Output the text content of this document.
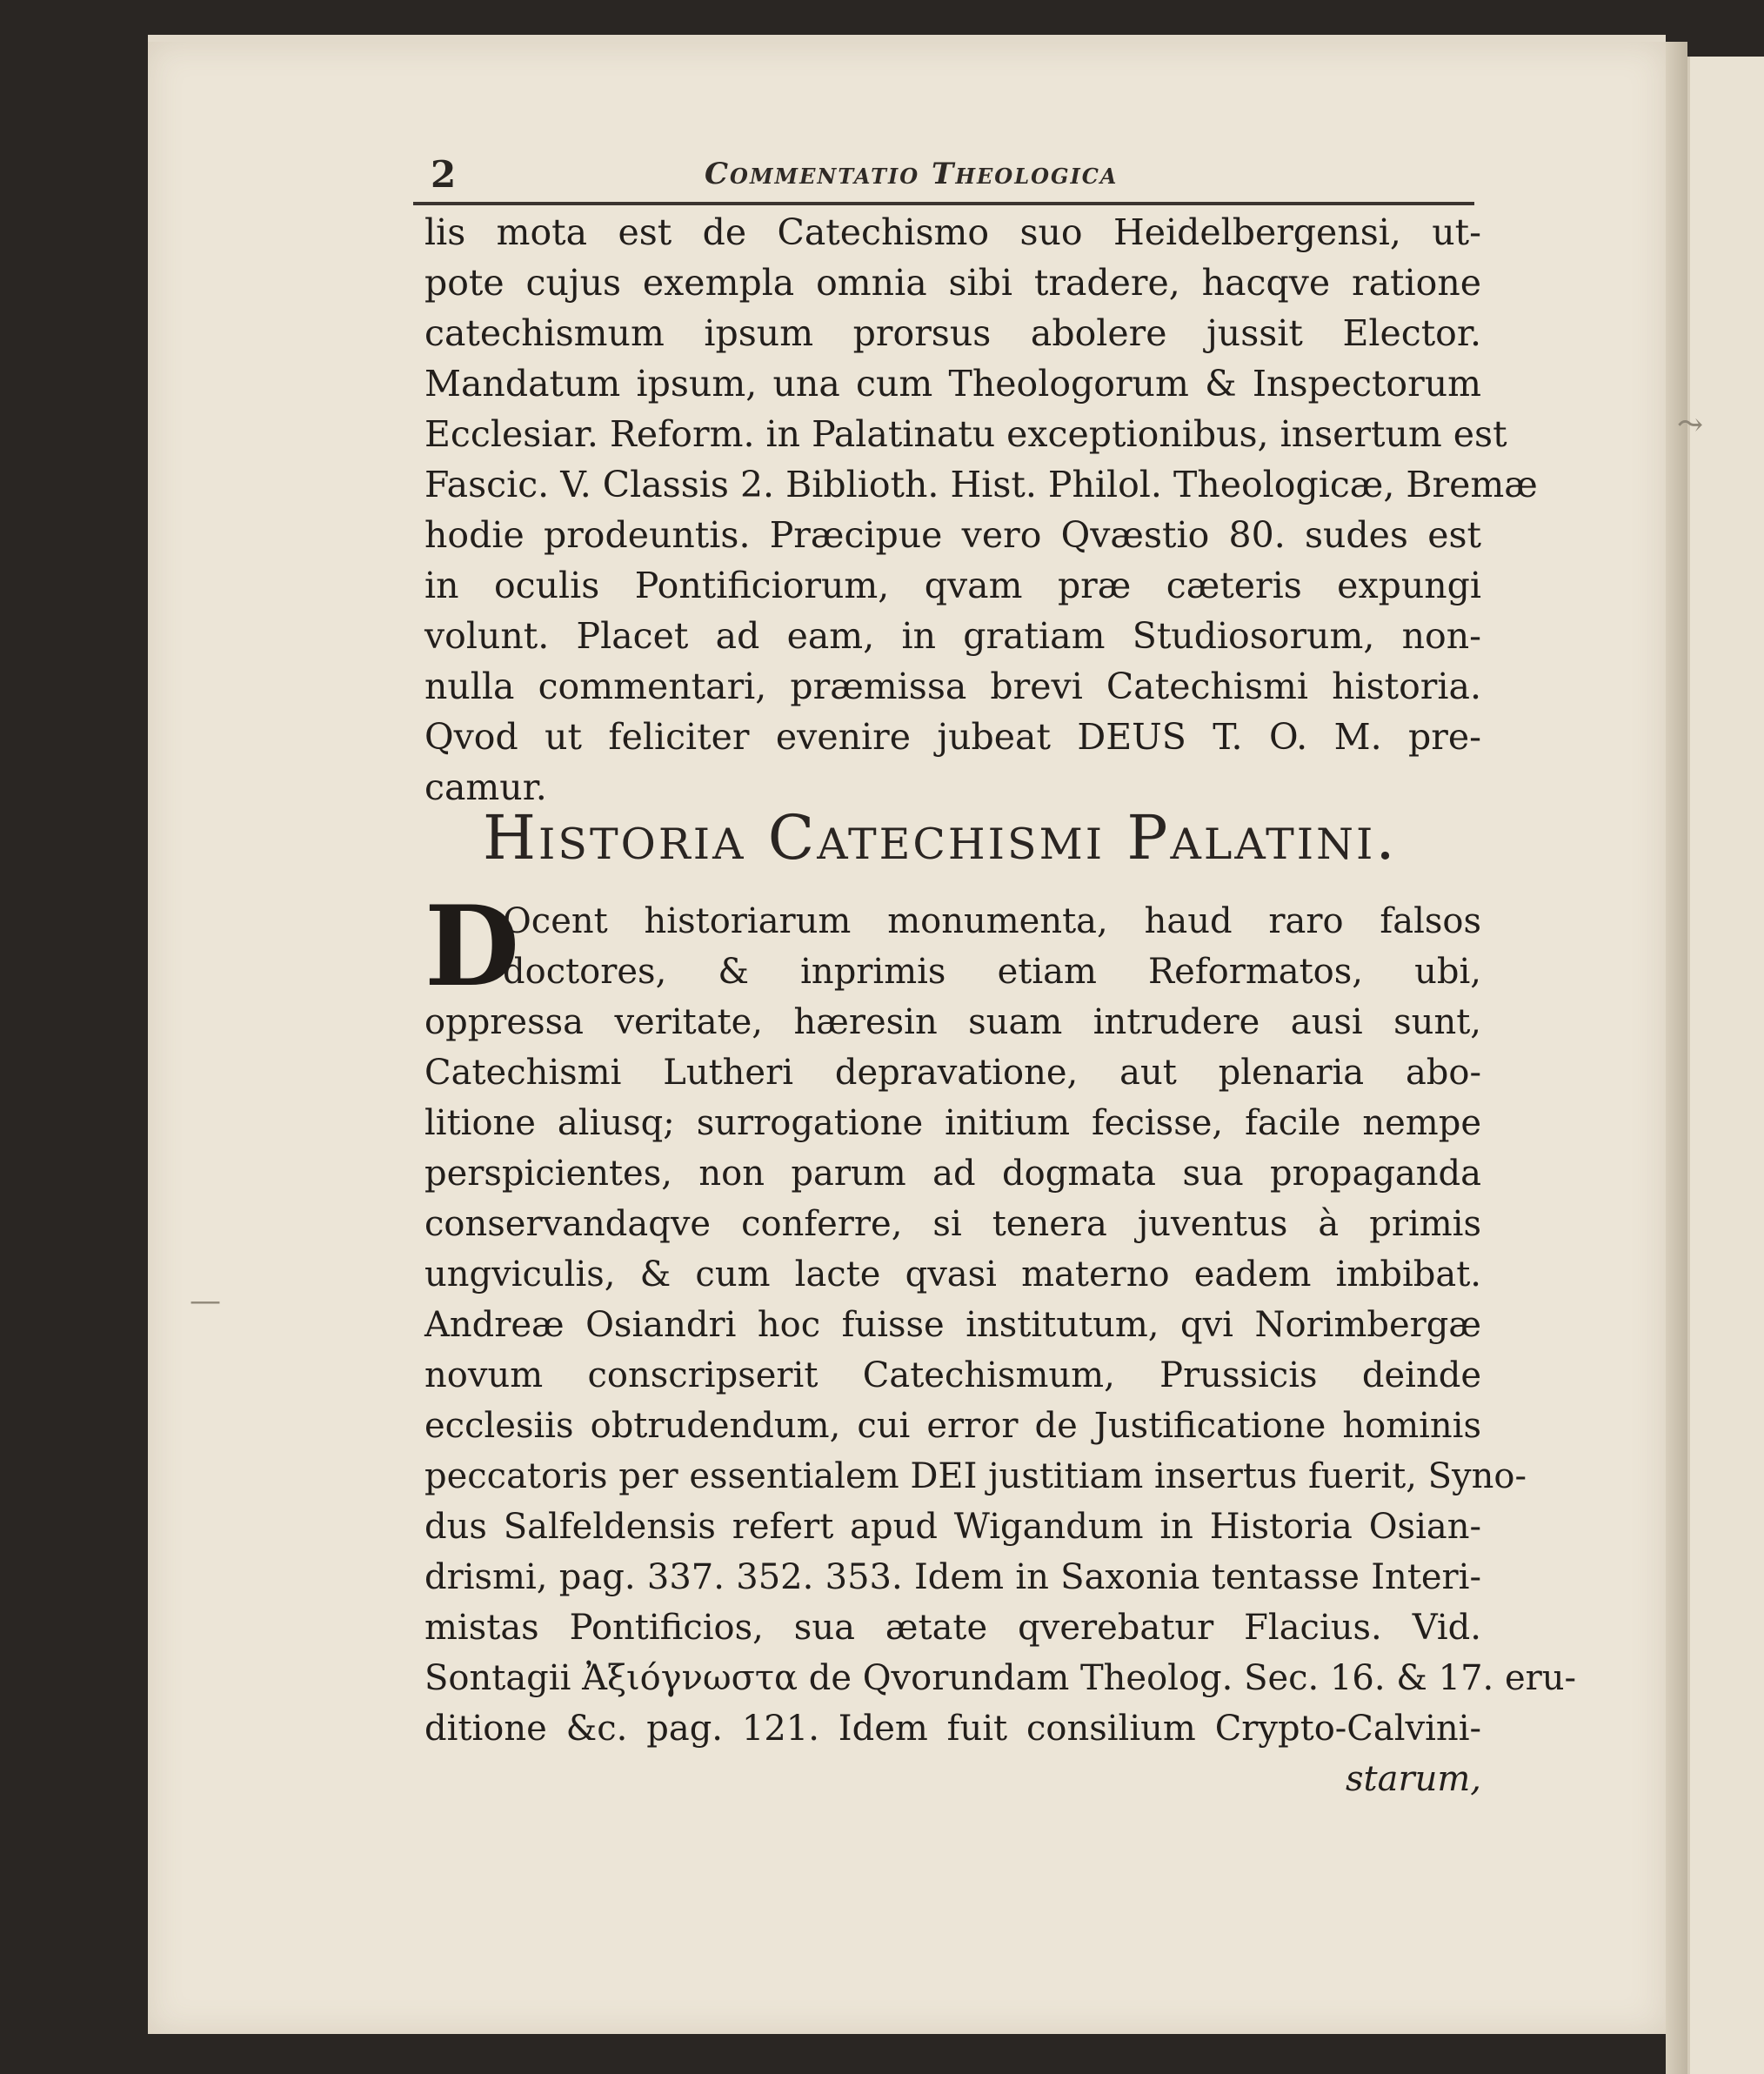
⤳
—
2	Commentatio Theologica
lis mota est de Catechismo suo Heidelbergensi, ut-
pote cujus exempla omnia sibi tradere, hacqve ratione
catechismum ipsum prorsus abolere jussit Elector.
Mandatum ipsum, una cum Theologorum & Inspectorum
Ecclesiar. Reform. in Palatinatu exceptionibus, insertum est
Fascic. V. Classis 2. Biblioth. Hist. Philol. Theologicæ, Bremæ
hodie prodeuntis. Præcipue vero Qvæstio 80. sudes est
in oculis Pontificiorum, qvam præ cæteris expungi
volunt. Placet ad eam, in gratiam Studiosorum, non-
nulla commentari, præmissa brevi Catechismi historia.
Qvod ut feliciter evenire jubeat DEUS T. O. M. pre-
camur.
Historia Catechismi Palatini.
D
Ocent historiarum monumenta, haud raro falsos
doctores, & inprimis etiam Reformatos, ubi,
oppressa veritate, hæresin suam intrudere ausi sunt,
Catechismi Lutheri depravatione, aut plenaria abo-
litione aliusq; surrogatione initium fecisse, facile nempe
perspicientes, non parum ad dogmata sua propaganda
conservandaqve conferre, si tenera juventus à primis
ungviculis, & cum lacte qvasi materno eadem imbibat.
Andreæ Osiandri hoc fuisse institutum, qvi Norimbergæ
novum conscripserit Catechismum, Prussicis deinde
ecclesiis obtrudendum, cui error de Justificatione hominis
peccatoris per essentialem DEI justitiam insertus fuerit, Syno-
dus Salfeldensis refert apud Wigandum in Historia Osian-
drismi, pag. 337. 352. 353. Idem in Saxonia tentasse Interi-
mistas Pontificios, sua ætate qverebatur Flacius. Vid.
Sontagii Ἀξιόγνωστα de Qvorundam Theolog. Sec. 16. & 17. eru-
ditione &c. pag. 121. Idem fuit consilium Crypto-Calvini-
starum,
